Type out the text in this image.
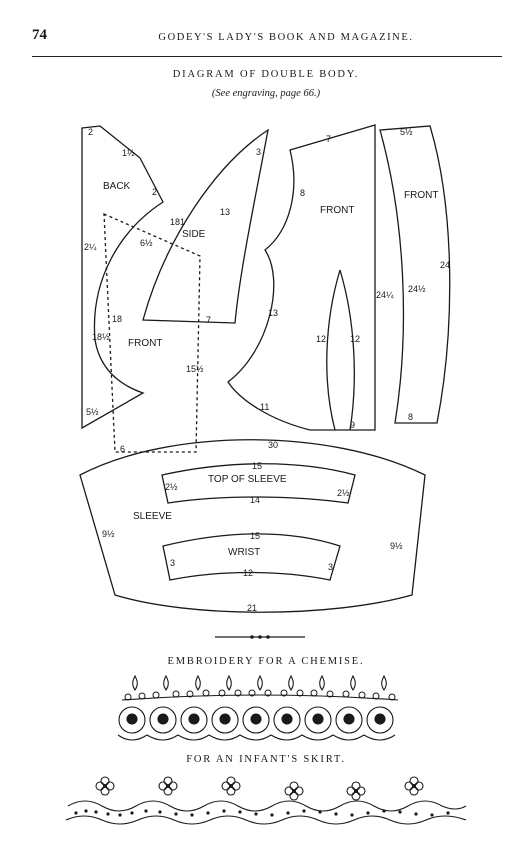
74	GODEY'S LADY'S BOOK AND MAGAZINE.
DIAGRAM OF DOUBLE BODY.
(See engraving, page 66.)
BACK
SIDE
FRONT
FRONT
FRONT
SLEEVE
TOP OF SLEEVE
WRIST
2
1½
2
2¼
18½
5½
3
6½
13
7
181
18
15½
6
7
8
13
11
12	12
9
5½
24¼
24½
24
8
30
9½
9½
21
15
2½
2½
14
15
3	3
12
EMBROIDERY FOR A CHEMISE.
FOR AN INFANT'S SKIRT.
